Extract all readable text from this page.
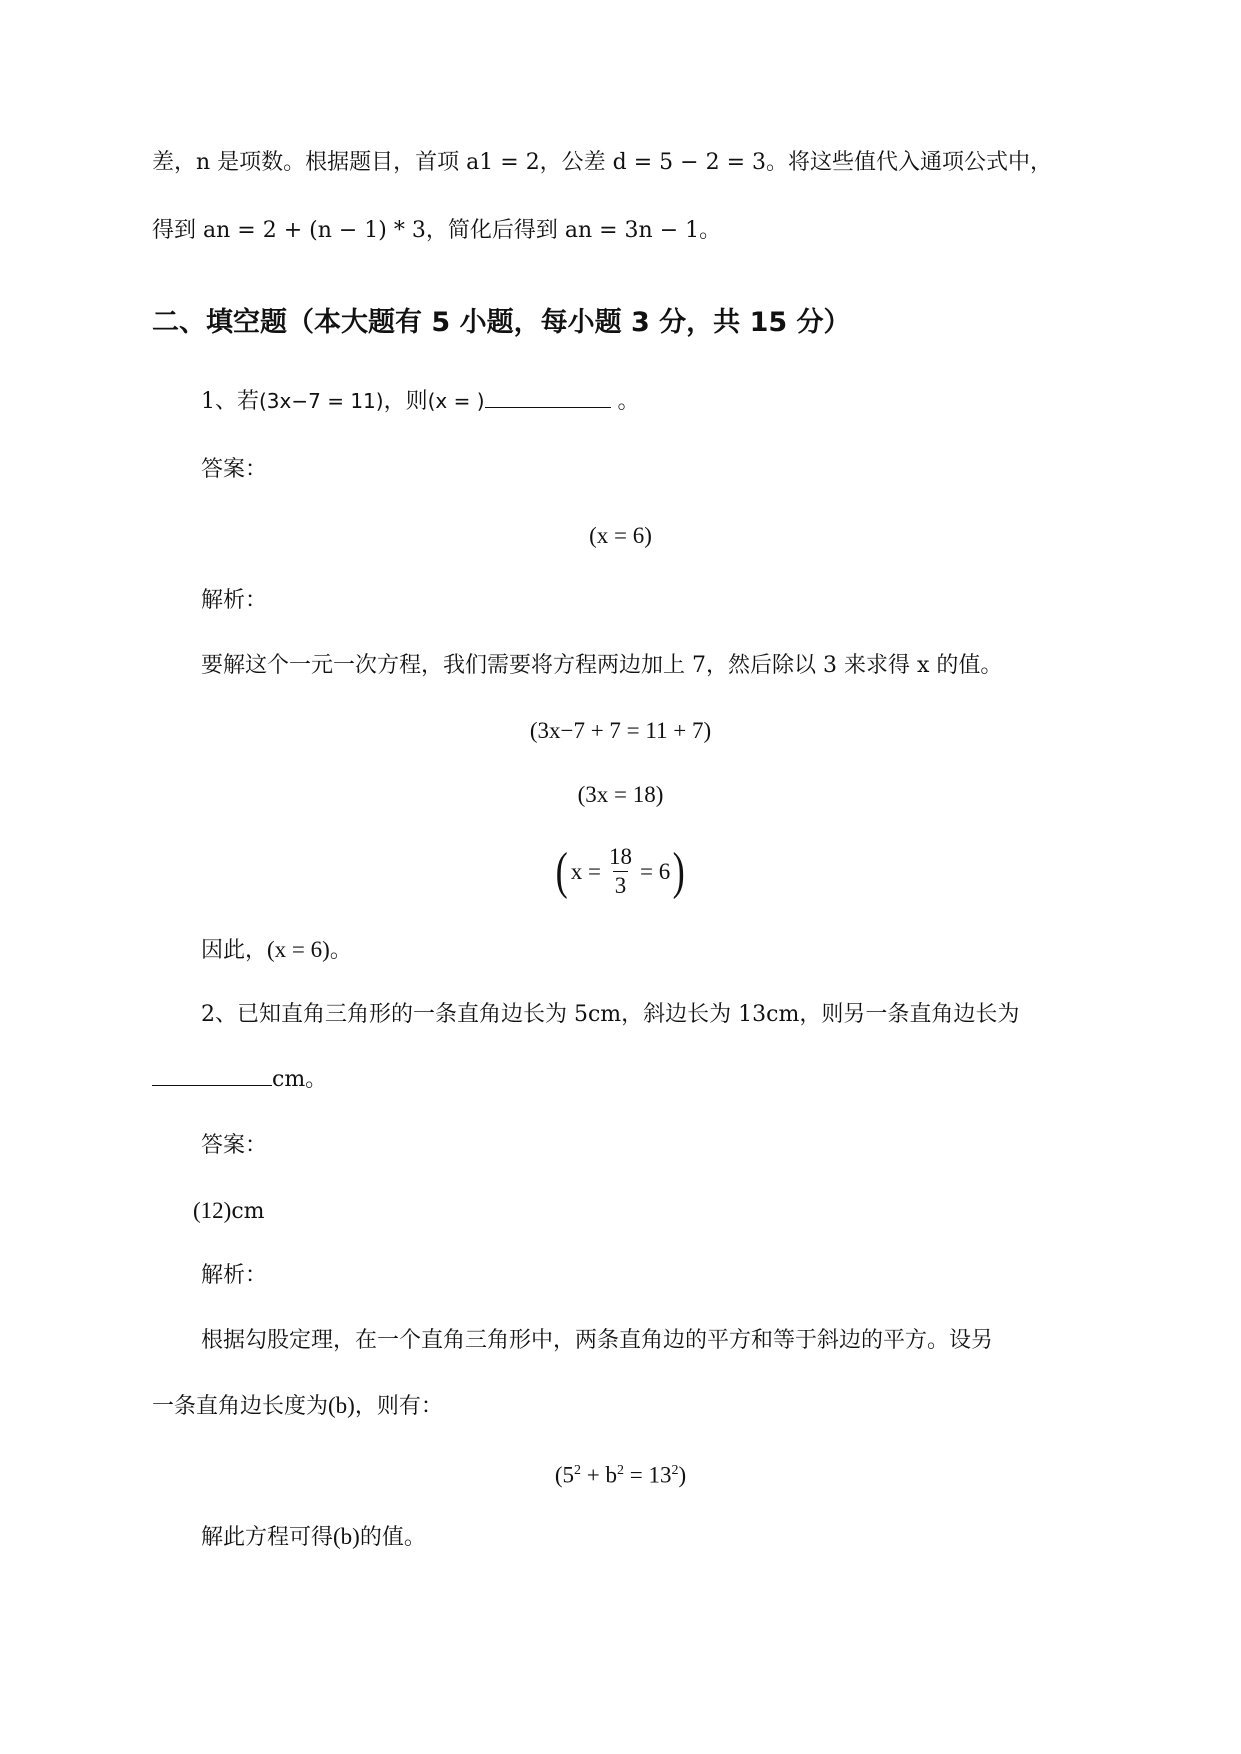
差，n 是项数。根据题目，首项 a1 = 2，公差 d = 5 − 2 = 3。将这些值代入通项公式中，
得到 an = 2 + (n − 1) * 3，简化后得到 an = 3n − 1。
二、填空题（本大题有 5 小题，每小题 3 分，共 15 分）
1、若(3x−7 = 11)，则(x = )	。
答案：
(x = 6)
解析：
要解这个一元一次方程，我们需要将方程两边加上 7，然后除以 3 来求得 x 的值。
(3x−7 + 7 = 11 + 7)
(3x = 18)
( $x = \frac{18}{3} = 6$ )
因此，(x = 6)。
2、已知直角三角形的一条直角边长为 5cm，斜边长为 13cm，则另一条直角边长为
cm。
答案：
(12)cm
解析：
根据勾股定理，在一个直角三角形中，两条直角边的平方和等于斜边的平方。设另
一条直角边长度为(b)，则有：
$(5^2 + b^2 = 13^2)$
解此方程可得(b)的值。
